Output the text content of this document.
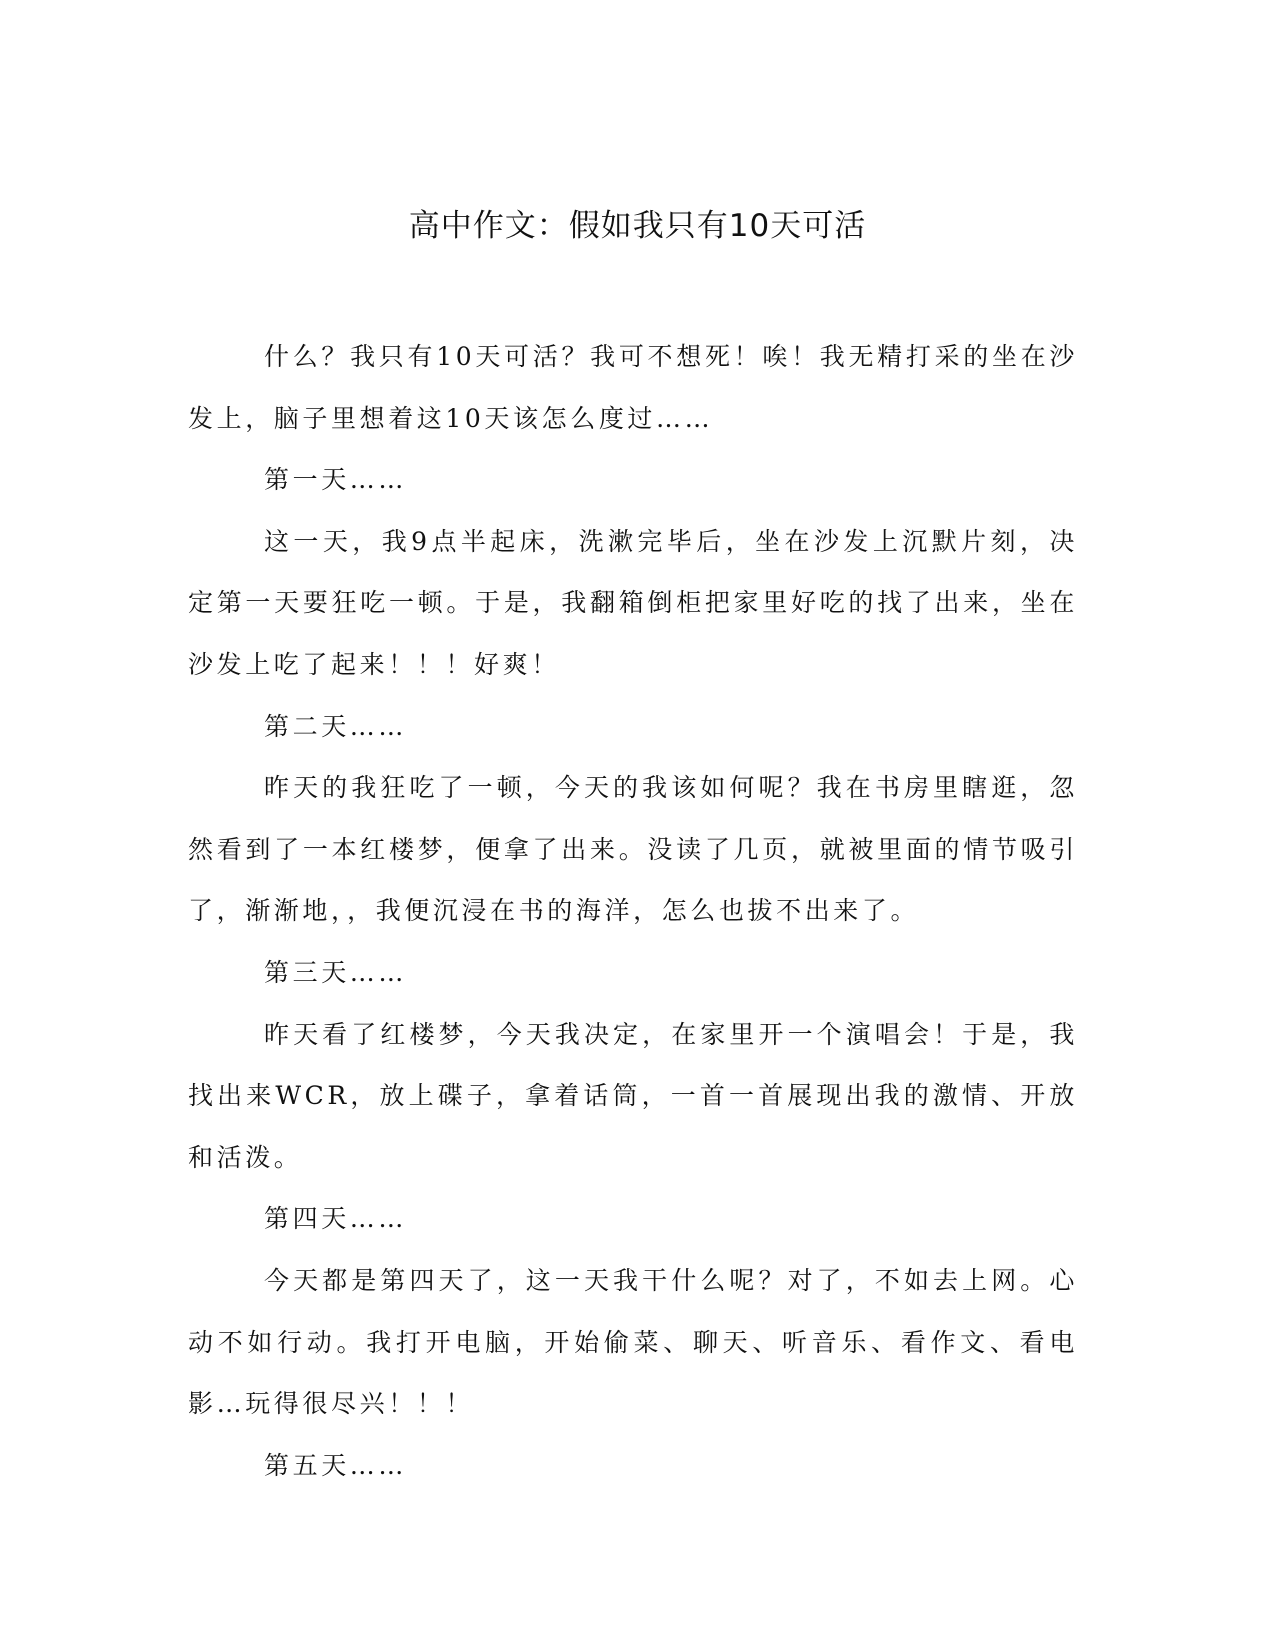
高中作文：假如我只有10天可活

什么？我只有10天可活？我可不想死！唉！我无精打采的坐在沙发上，脑子里想着这10天该怎么度过……

第一天……

这一天，我9点半起床，洗漱完毕后，坐在沙发上沉默片刻，决定第一天要狂吃一顿。于是，我翻箱倒柜把家里好吃的找了出来，坐在沙发上吃了起来！！！好爽！

第二天……

昨天的我狂吃了一顿，今天的我该如何呢？我在书房里瞎逛，忽然看到了一本红楼梦，便拿了出来。没读了几页，就被里面的情节吸引了，渐渐地，，我便沉浸在书的海洋，怎么也拔不出来了。

第三天……

昨天看了红楼梦，今天我决定，在家里开一个演唱会！于是，我找出来WCR，放上碟子，拿着话筒，一首一首展现出我的激情、开放和活泼。

第四天……

今天都是第四天了，这一天我干什么呢？对了，不如去上网。心动不如行动。我打开电脑，开始偷菜、聊天、听音乐、看作文、看电影…玩得很尽兴！！！

第五天……
